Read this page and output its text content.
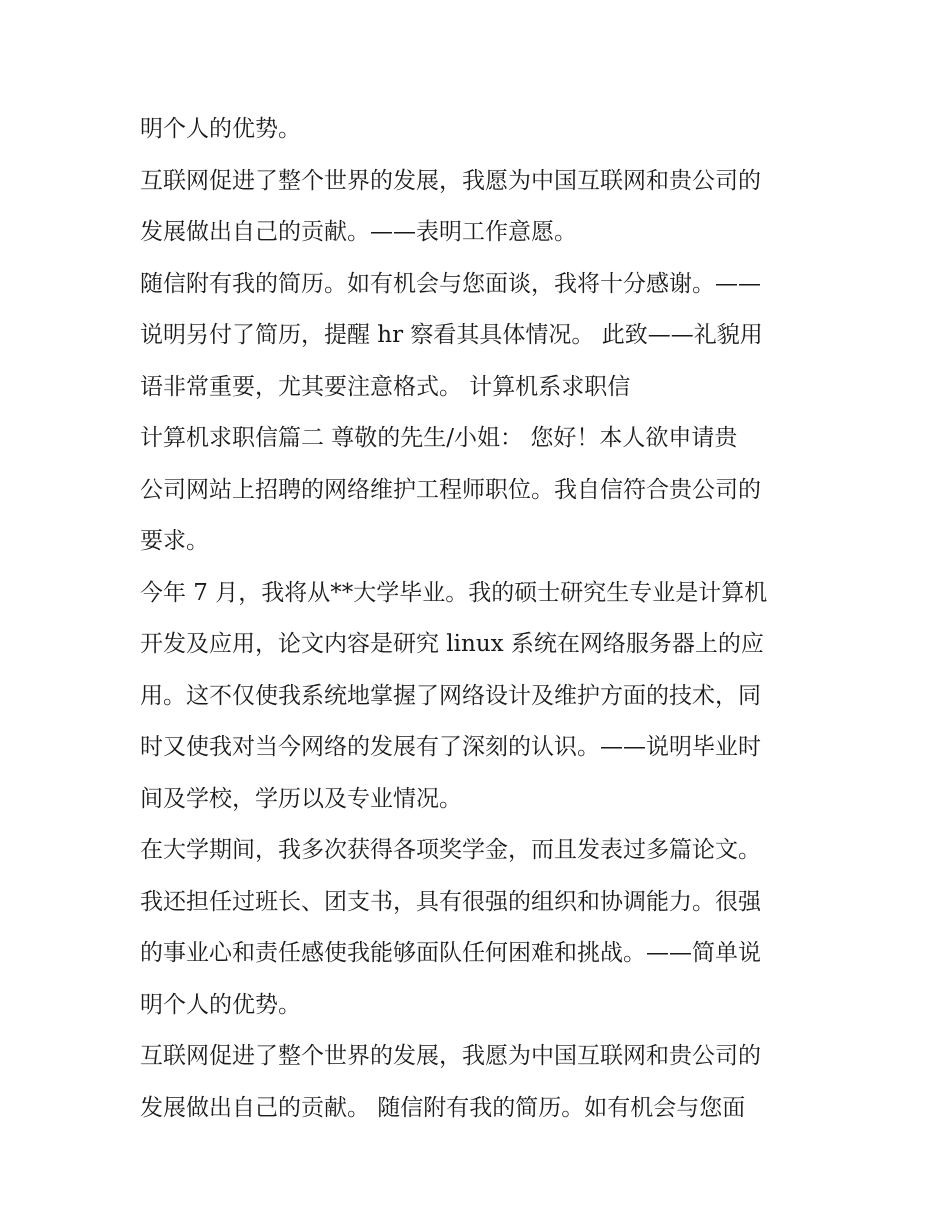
明个人的优势。
互联网促进了整个世界的发展，我愿为中国互联网和贵公司的
发展做出自己的贡献。——表明工作意愿。
随信附有我的简历。如有机会与您面谈，我将十分感谢。——
说明另付了简历，提醒 hr 察看其具体情况。 此致——礼貌用
语非常重要，尤其要注意格式。 计算机系求职信
计算机求职信篇二 尊敬的先生/小姐： 您好！本人欲申请贵
公司网站上招聘的网络维护工程师职位。我自信符合贵公司的
要求。
今年 7 月，我将从**大学毕业。我的硕士研究生专业是计算机
开发及应用，论文内容是研究 linux 系统在网络服务器上的应
用。这不仅使我系统地掌握了网络设计及维护方面的技术，同
时又使我对当今网络的发展有了深刻的认识。——说明毕业时
间及学校，学历以及专业情况。
在大学期间，我多次获得各项奖学金，而且发表过多篇论文。
我还担任过班长、团支书，具有很强的组织和协调能力。很强
的事业心和责任感使我能够面队任何困难和挑战。——简单说
明个人的优势。
互联网促进了整个世界的发展，我愿为中国互联网和贵公司的
发展做出自己的贡献。 随信附有我的简历。如有机会与您面
